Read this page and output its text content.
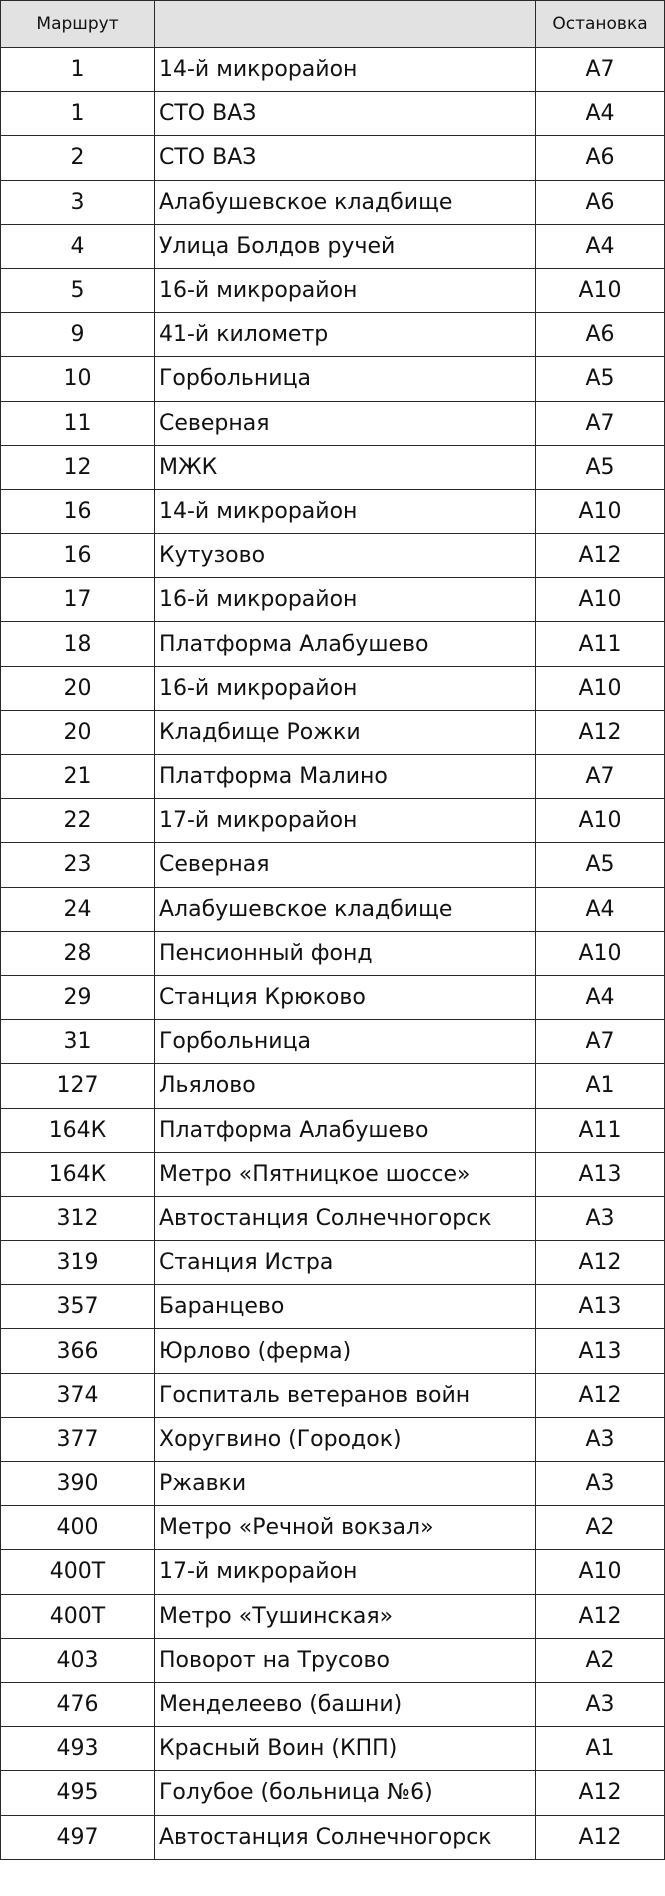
Маршрут		Остановка
1	14-й микрорайон	А7
1	СТО ВАЗ	А4
2	СТО ВАЗ	А6
3	Алабушевское кладбище	А6
4	Улица Болдов ручей	А4
5	16-й микрорайон	А10
9	41-й километр	А6
10	Горбольница	А5
11	Северная	А7
12	МЖК	А5
16	14-й микрорайон	А10
16	Кутузово	А12
17	16-й микрорайон	А10
18	Платформа Алабушево	А11
20	16-й микрорайон	А10
20	Кладбище Рожки	А12
21	Платформа Малино	А7
22	17-й микрорайон	А10
23	Северная	А5
24	Алабушевское кладбище	А4
28	Пенсионный фонд	А10
29	Станция Крюково	А4
31	Горбольница	А7
127	Льялово	А1
164К	Платформа Алабушево	А11
164К	Метро «Пятницкое шоссе»	А13
312	Автостанция Солнечногорск	А3
319	Станция Истра	А12
357	Баранцево	А13
366	Юрлово (ферма)	А13
374	Госпиталь ветеранов войн	А12
377	Хоругвино (Городок)	А3
390	Ржавки	А3
400	Метро «Речной вокзал»	А2
400Т	17-й микрорайон	А10
400Т	Метро «Тушинская»	А12
403	Поворот на Трусово	А2
476	Менделеево (башни)	А3
493	Красный Воин (КПП)	А1
495	Голубое (больница №6)	А12
497	Автостанция Солнечногорск	А12
